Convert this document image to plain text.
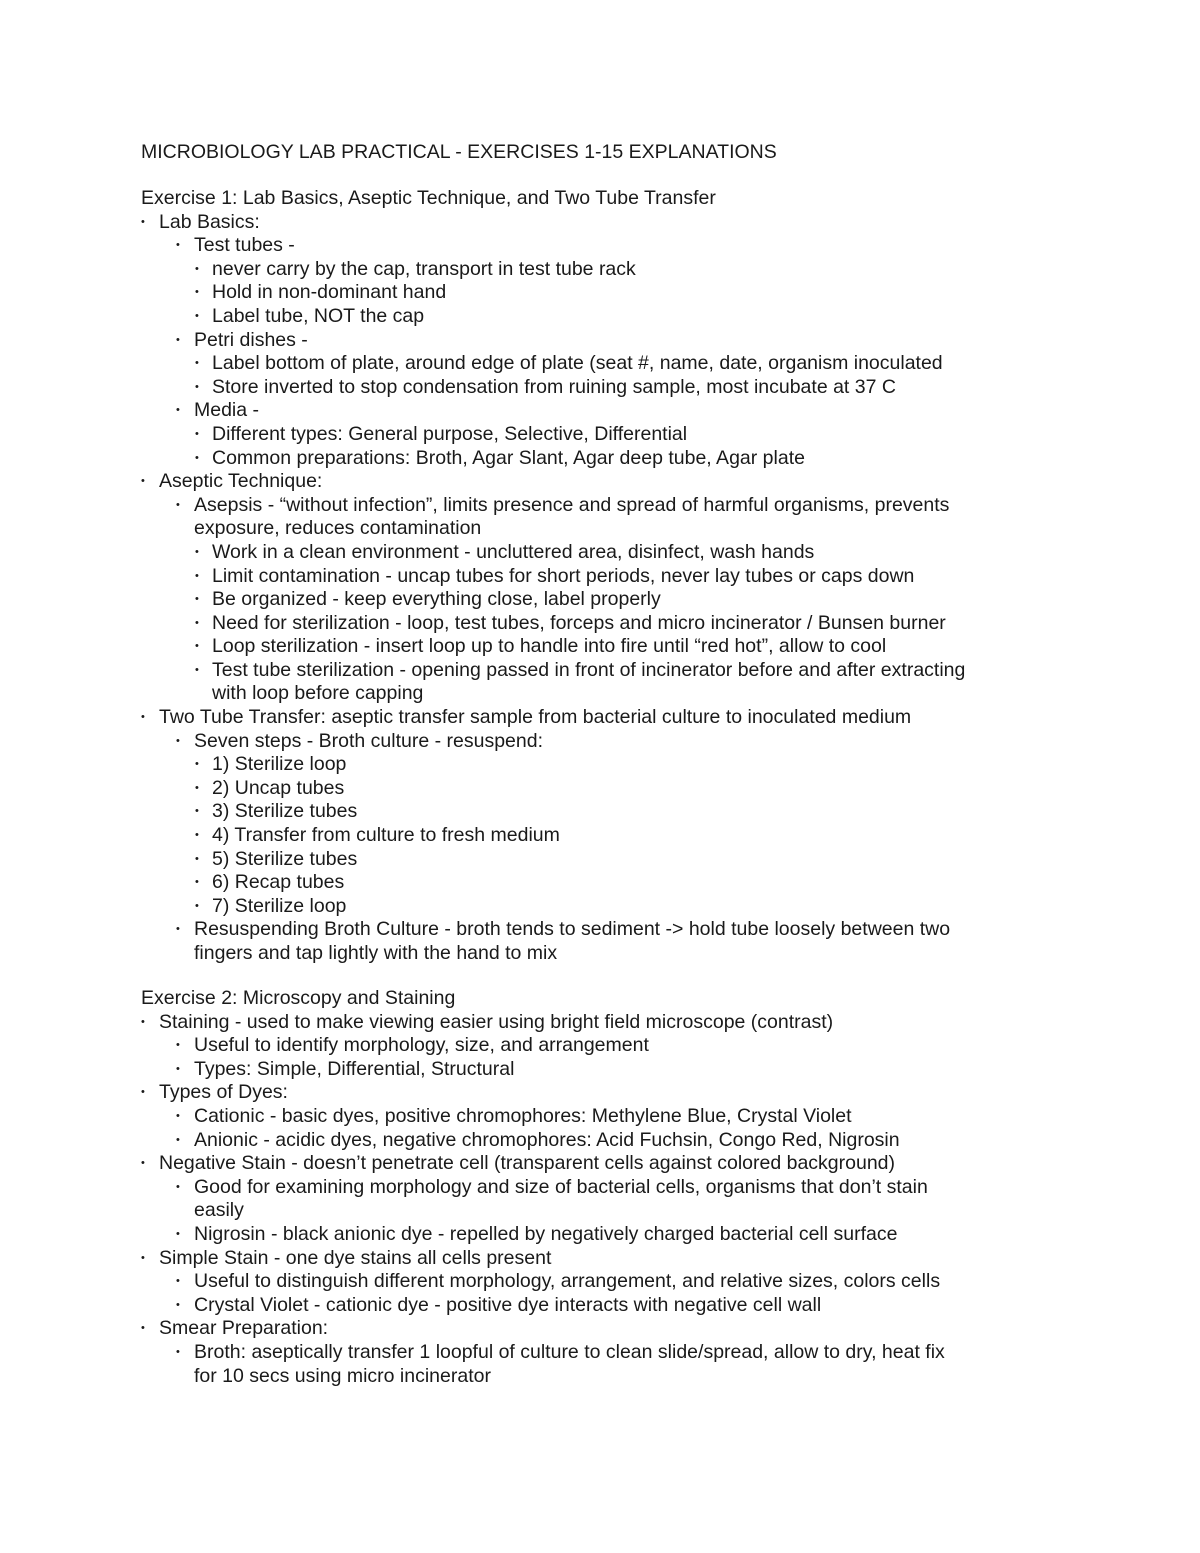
MICROBIOLOGY LAB PRACTICAL - EXERCISES 1-15 EXPLANATIONS
Exercise 1: Lab Basics, Aseptic Technique, and Two Tube Transfer
• Lab Basics:
• Test tubes -
• never carry by the cap, transport in test tube rack
• Hold in non-dominant hand
• Label tube, NOT the cap
• Petri dishes -
• Label bottom of plate, around edge of plate (seat #, name, date, organism inoculated
• Store inverted to stop condensation from ruining sample, most incubate at 37 C
• Media -
• Different types: General purpose, Selective, Differential
• Common preparations: Broth, Agar Slant, Agar deep tube, Agar plate
• Aseptic Technique:
• Asepsis - “without infection”, limits presence and spread of harmful organisms, prevents
exposure, reduces contamination
• Work in a clean environment - uncluttered area, disinfect, wash hands
• Limit contamination - uncap tubes for short periods, never lay tubes or caps down
• Be organized - keep everything close, label properly
• Need for sterilization - loop, test tubes, forceps and micro incinerator / Bunsen burner
• Loop sterilization - insert loop up to handle into fire until “red hot”, allow to cool
• Test tube sterilization - opening passed in front of incinerator before and after extracting
with loop before capping
• Two Tube Transfer: aseptic transfer sample from bacterial culture to inoculated medium
• Seven steps - Broth culture - resuspend:
• 1) Sterilize loop
• 2) Uncap tubes
• 3) Sterilize tubes
• 4) Transfer from culture to fresh medium
• 5) Sterilize tubes
• 6) Recap tubes
• 7) Sterilize loop
• Resuspending Broth Culture - broth tends to sediment -> hold tube loosely between two
fingers and tap lightly with the hand to mix
Exercise 2: Microscopy and Staining
• Staining - used to make viewing easier using bright field microscope (contrast)
• Useful to identify morphology, size, and arrangement
• Types: Simple, Differential, Structural
• Types of Dyes:
• Cationic - basic dyes, positive chromophores: Methylene Blue, Crystal Violet
• Anionic - acidic dyes, negative chromophores: Acid Fuchsin, Congo Red, Nigrosin
• Negative Stain - doesn’t penetrate cell (transparent cells against colored background)
• Good for examining morphology and size of bacterial cells, organisms that don’t stain
easily
• Nigrosin - black anionic dye - repelled by negatively charged bacterial cell surface
• Simple Stain - one dye stains all cells present
• Useful to distinguish different morphology, arrangement, and relative sizes, colors cells
• Crystal Violet - cationic dye - positive dye interacts with negative cell wall
• Smear Preparation:
• Broth: aseptically transfer 1 loopful of culture to clean slide/spread, allow to dry, heat fix
for 10 secs using micro incinerator
